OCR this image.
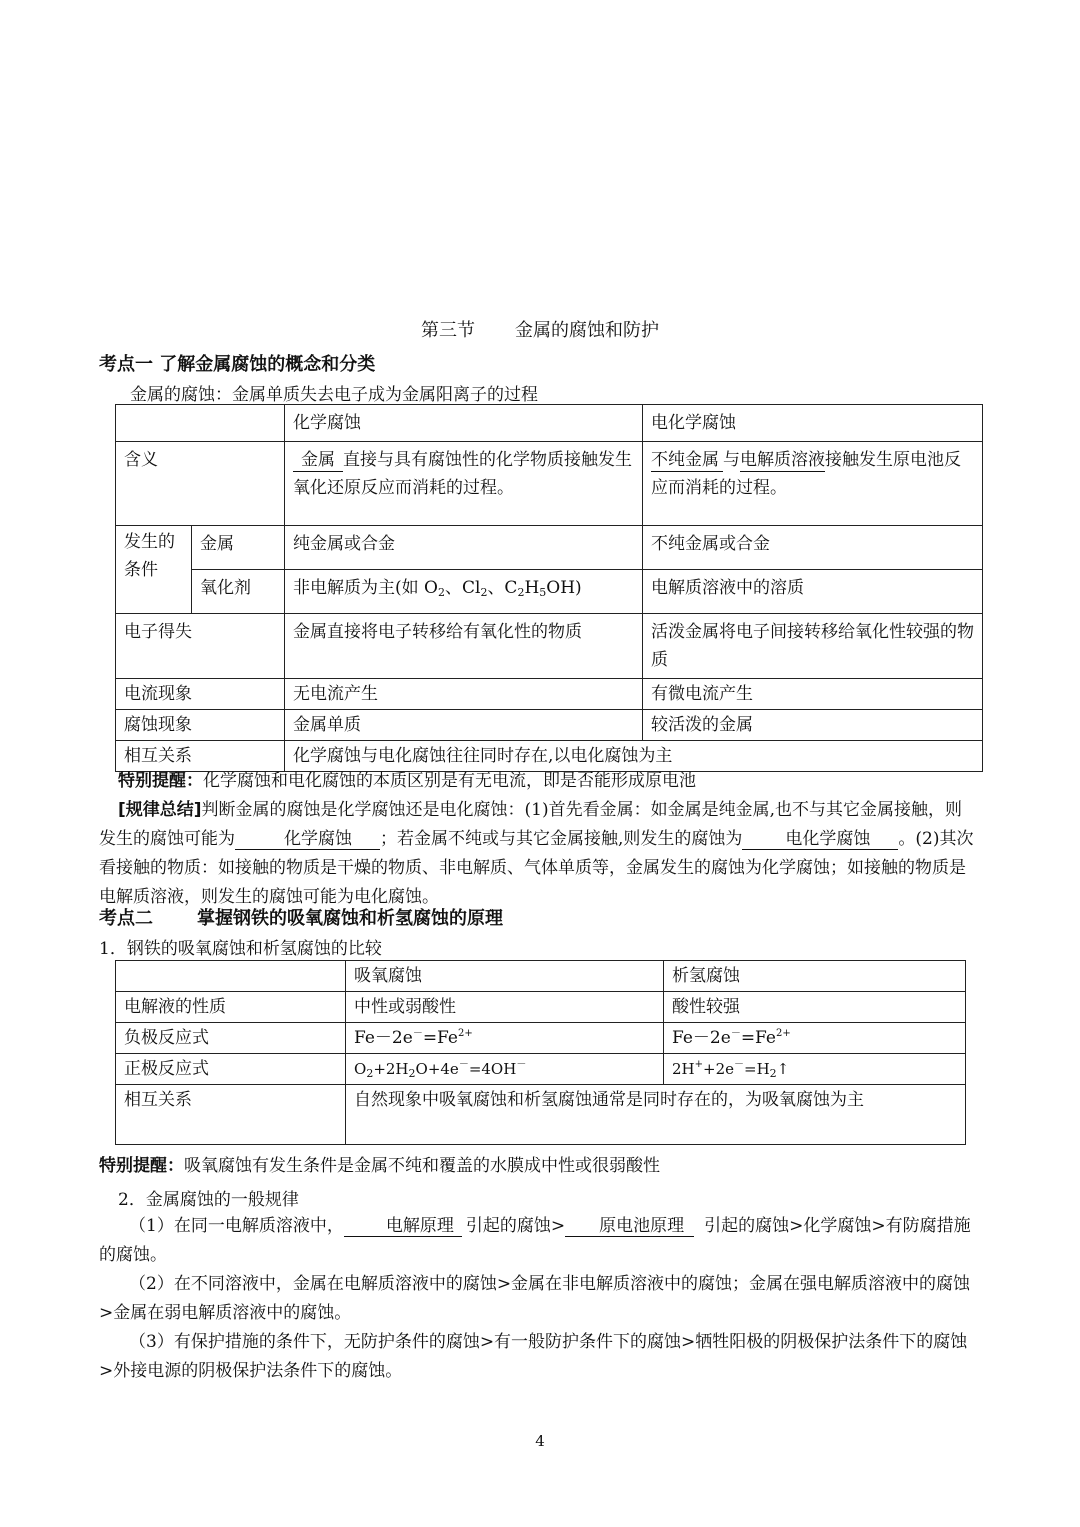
第三节 金属的腐蚀和防护
考点一 了解金属腐蚀的概念和分类
金属的腐蚀：金属单质失去电子成为金属阳离子的过程
		化学腐蚀	电化学腐蚀
含义		金属 直接与具有腐蚀性的化学物质接触发生氧化还原反应而消耗的过程。	不纯金属 与电解质溶液接触发生原电池反应而消耗的过程。
发生的条件	金属	纯金属或合金	不纯金属或合金
	氧化剂	非电解质为主(如 $O_2$、$Cl_2$、$C_2H_5OH$)	电解质溶液中的溶质
电子得失		金属直接将电子转移给有氧化性的物质	活泼金属将电子间接转移给氧化性较强的物质
电流现象		无电流产生	有微电流产生
腐蚀现象		金属单质	较活泼的金属
相互关系		化学腐蚀与电化腐蚀往往同时存在,以电化腐蚀为主	
特别提醒：化学腐蚀和电化腐蚀的本质区别是有无电流，即是否能形成原电池
[规律总结]判断金属的腐蚀是化学腐蚀还是电化腐蚀：(1)首先看金属：如金属是纯金属,也不与其它金属接触，则发生的腐蚀可能为	化学腐蚀 ；若金属不纯或与其它金属接触,则发生的腐蚀为	电化学腐蚀 。(2)其次看接触的物质：如接触的物质是干燥的物质、非电解质、气体单质等，金属发生的腐蚀为化学腐蚀；如接触的物质是电解质溶液，则发生的腐蚀可能为电化腐蚀。
考点二 掌握钢铁的吸氧腐蚀和析氢腐蚀的原理
1．钢铁的吸氧腐蚀和析氢腐蚀的比较
	吸氧腐蚀	析氢腐蚀
电解液的性质	中性或弱酸性	酸性较强
负极反应式	$Fe-2e^-=Fe^{2+}$	$Fe-2e^-=Fe^{2+}$
正极反应式	$O_2+2H_2O+4e^-=4OH^-$	$2H^++2e^-=H_2↑$
相互关系	自然现象中吸氧腐蚀和析氢腐蚀通常是同时存在的，为吸氧腐蚀为主	
特别提醒：吸氧腐蚀有发生条件是金属不纯和覆盖的水膜成中性或很弱酸性
2．金属腐蚀的一般规律
（1）在同一电解质溶液中， 电解原理 引起的腐蚀> 原电池原理 引起的腐蚀>化学腐蚀>有防腐措施的腐蚀。
（2）在不同溶液中，金属在电解质溶液中的腐蚀>金属在非电解质溶液中的腐蚀；金属在强电解质溶液中的腐蚀>金属在弱电解质溶液中的腐蚀。
（3）有保护措施的条件下，无防护条件的腐蚀>有一般防护条件下的腐蚀>牺牲阳极的阴极保护法条件下的腐蚀>外接电源的阴极保护法条件下的腐蚀。
4
